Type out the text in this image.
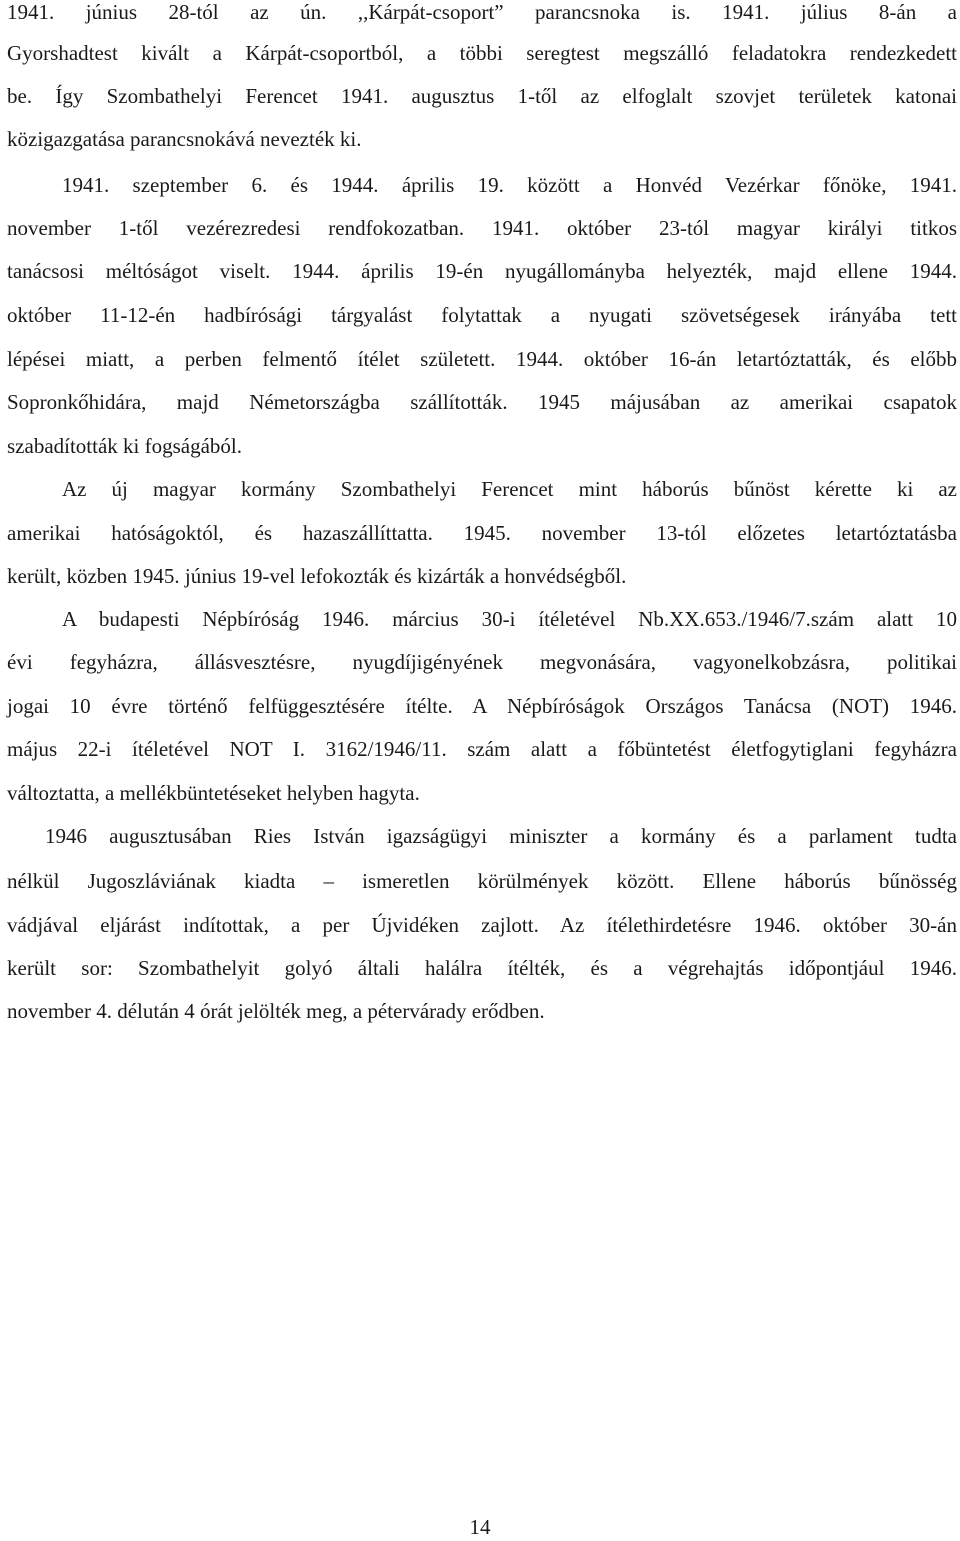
1941. június 28-tól az ún. ,,Kárpát-csoport” parancsnoka is. 1941. július 8-án a
Gyorshadtest kivált a Kárpát-csoportból, a többi seregtest megszálló feladatokra rendezkedett
be. Így Szombathelyi Ferencet 1941. augusztus 1-től az elfoglalt szovjet területek katonai
közigazgatása parancsnokává nevezték ki.
1941. szeptember 6. és 1944. április 19. között a Honvéd Vezérkar főnöke, 1941.
november 1-től vezérezredesi rendfokozatban. 1941. október 23-tól magyar királyi titkos
tanácsosi méltóságot viselt. 1944. április 19-én nyugállományba helyezték, majd ellene 1944.
október 11-12-én hadbírósági tárgyalást folytattak a nyugati szövetségesek irányába tett
lépései miatt, a perben felmentő ítélet született. 1944. október 16-án letartóztatták, és előbb
Sopronkőhidára, majd Németországba szállították. 1945 májusában az amerikai csapatok
szabadították ki fogságából.
Az új magyar kormány Szombathelyi Ferencet mint háborús bűnöst kérette ki az
amerikai hatóságoktól, és hazaszállíttatta. 1945. november 13-tól előzetes letartóztatásba
került, közben 1945. június 19-vel lefokozták és kizárták a honvédségből.
A budapesti Népbíróság 1946. március 30-i ítéletével Nb.XX.653./1946/7.szám alatt 10
évi fegyházra, állásvesztésre, nyugdíjigényének megvonására, vagyonelkobzásra, politikai
jogai 10 évre történő felfüggesztésére ítélte. A Népbíróságok Országos Tanácsa (NOT) 1946.
május 22-i ítéletével NOT I. 3162/1946/11. szám alatt a főbüntetést életfogytiglani fegyházra
változtatta, a mellékbüntetéseket helyben hagyta.
1946 augusztusában Ries István igazságügyi miniszter a kormány és a parlament tudta
nélkül Jugoszláviának kiadta – ismeretlen körülmények között. Ellene háborús bűnösség
vádjával eljárást indítottak, a per Újvidéken zajlott. Az ítélethirdetésre 1946. október 30-án
került sor: Szombathelyit golyó általi halálra ítélték, és a végrehajtás időpontjául 1946.
november 4. délután 4 órát jelölték meg, a pétervárady erődben.
14
